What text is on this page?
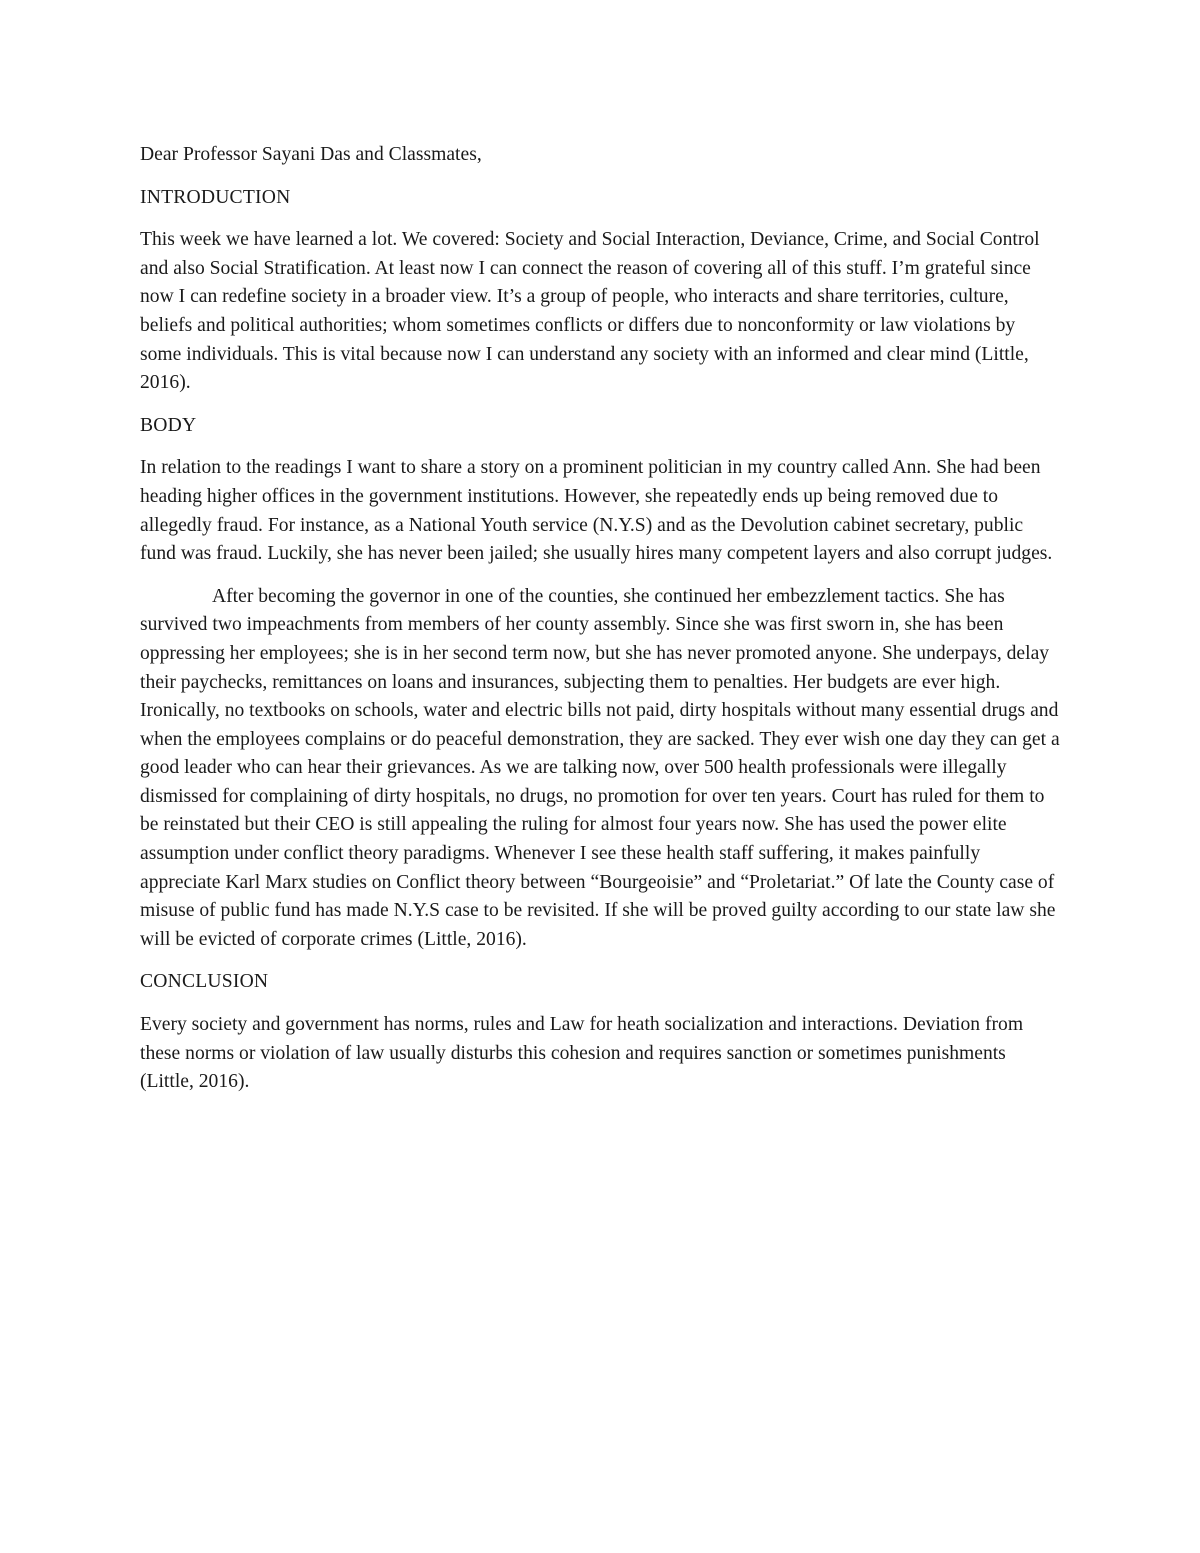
Dear Professor Sayani Das and Classmates,

INTRODUCTION

This week we have learned a lot. We covered: Society and Social Interaction, Deviance, Crime, and Social Control and also Social Stratification. At least now I can connect the reason of covering all of this stuff. I’m grateful since now I can redefine society in a broader view. It’s a group of people, who interacts and share territories, culture, beliefs and political authorities; whom sometimes conflicts or differs due to nonconformity or law violations by some individuals. This is vital because now I can understand any society with an informed and clear mind (Little, 2016).

BODY

In relation to the readings I want to share a story on a prominent politician in my country called Ann. She had been heading higher offices in the government institutions. However, she repeatedly ends up being removed due to allegedly fraud. For instance, as a National Youth service (N.Y.S) and as the Devolution cabinet secretary, public fund was fraud. Luckily, she has never been jailed; she usually hires many competent layers and also corrupt judges.

After becoming the governor in one of the counties, she continued her embezzlement tactics. She has survived two impeachments from members of her county assembly. Since she was first sworn in, she has been oppressing her employees; she is in her second term now, but she has never promoted anyone. She underpays, delay their paychecks, remittances on loans and insurances, subjecting them to penalties. Her budgets are ever high. Ironically, no textbooks on schools, water and electric bills not paid, dirty hospitals without many essential drugs and when the employees complains or do peaceful demonstration, they are sacked. They ever wish one day they can get a good leader who can hear their grievances. As we are talking now, over 500 health professionals were illegally dismissed for complaining of dirty hospitals, no drugs, no promotion for over ten years. Court has ruled for them to be reinstated but their CEO is still appealing the ruling for almost four years now. She has used the power elite assumption under conflict theory paradigms. Whenever I see these health staff suffering, it makes painfully appreciate Karl Marx studies on Conflict theory between “Bourgeoisie” and “Proletariat.” Of late the County case of misuse of public fund has made N.Y.S case to be revisited. If she will be proved guilty according to our state law she will be evicted of corporate crimes (Little, 2016).

CONCLUSION

Every society and government has norms, rules and Law for heath socialization and interactions. Deviation from these norms or violation of law usually disturbs this cohesion and requires sanction or sometimes punishments (Little, 2016).
